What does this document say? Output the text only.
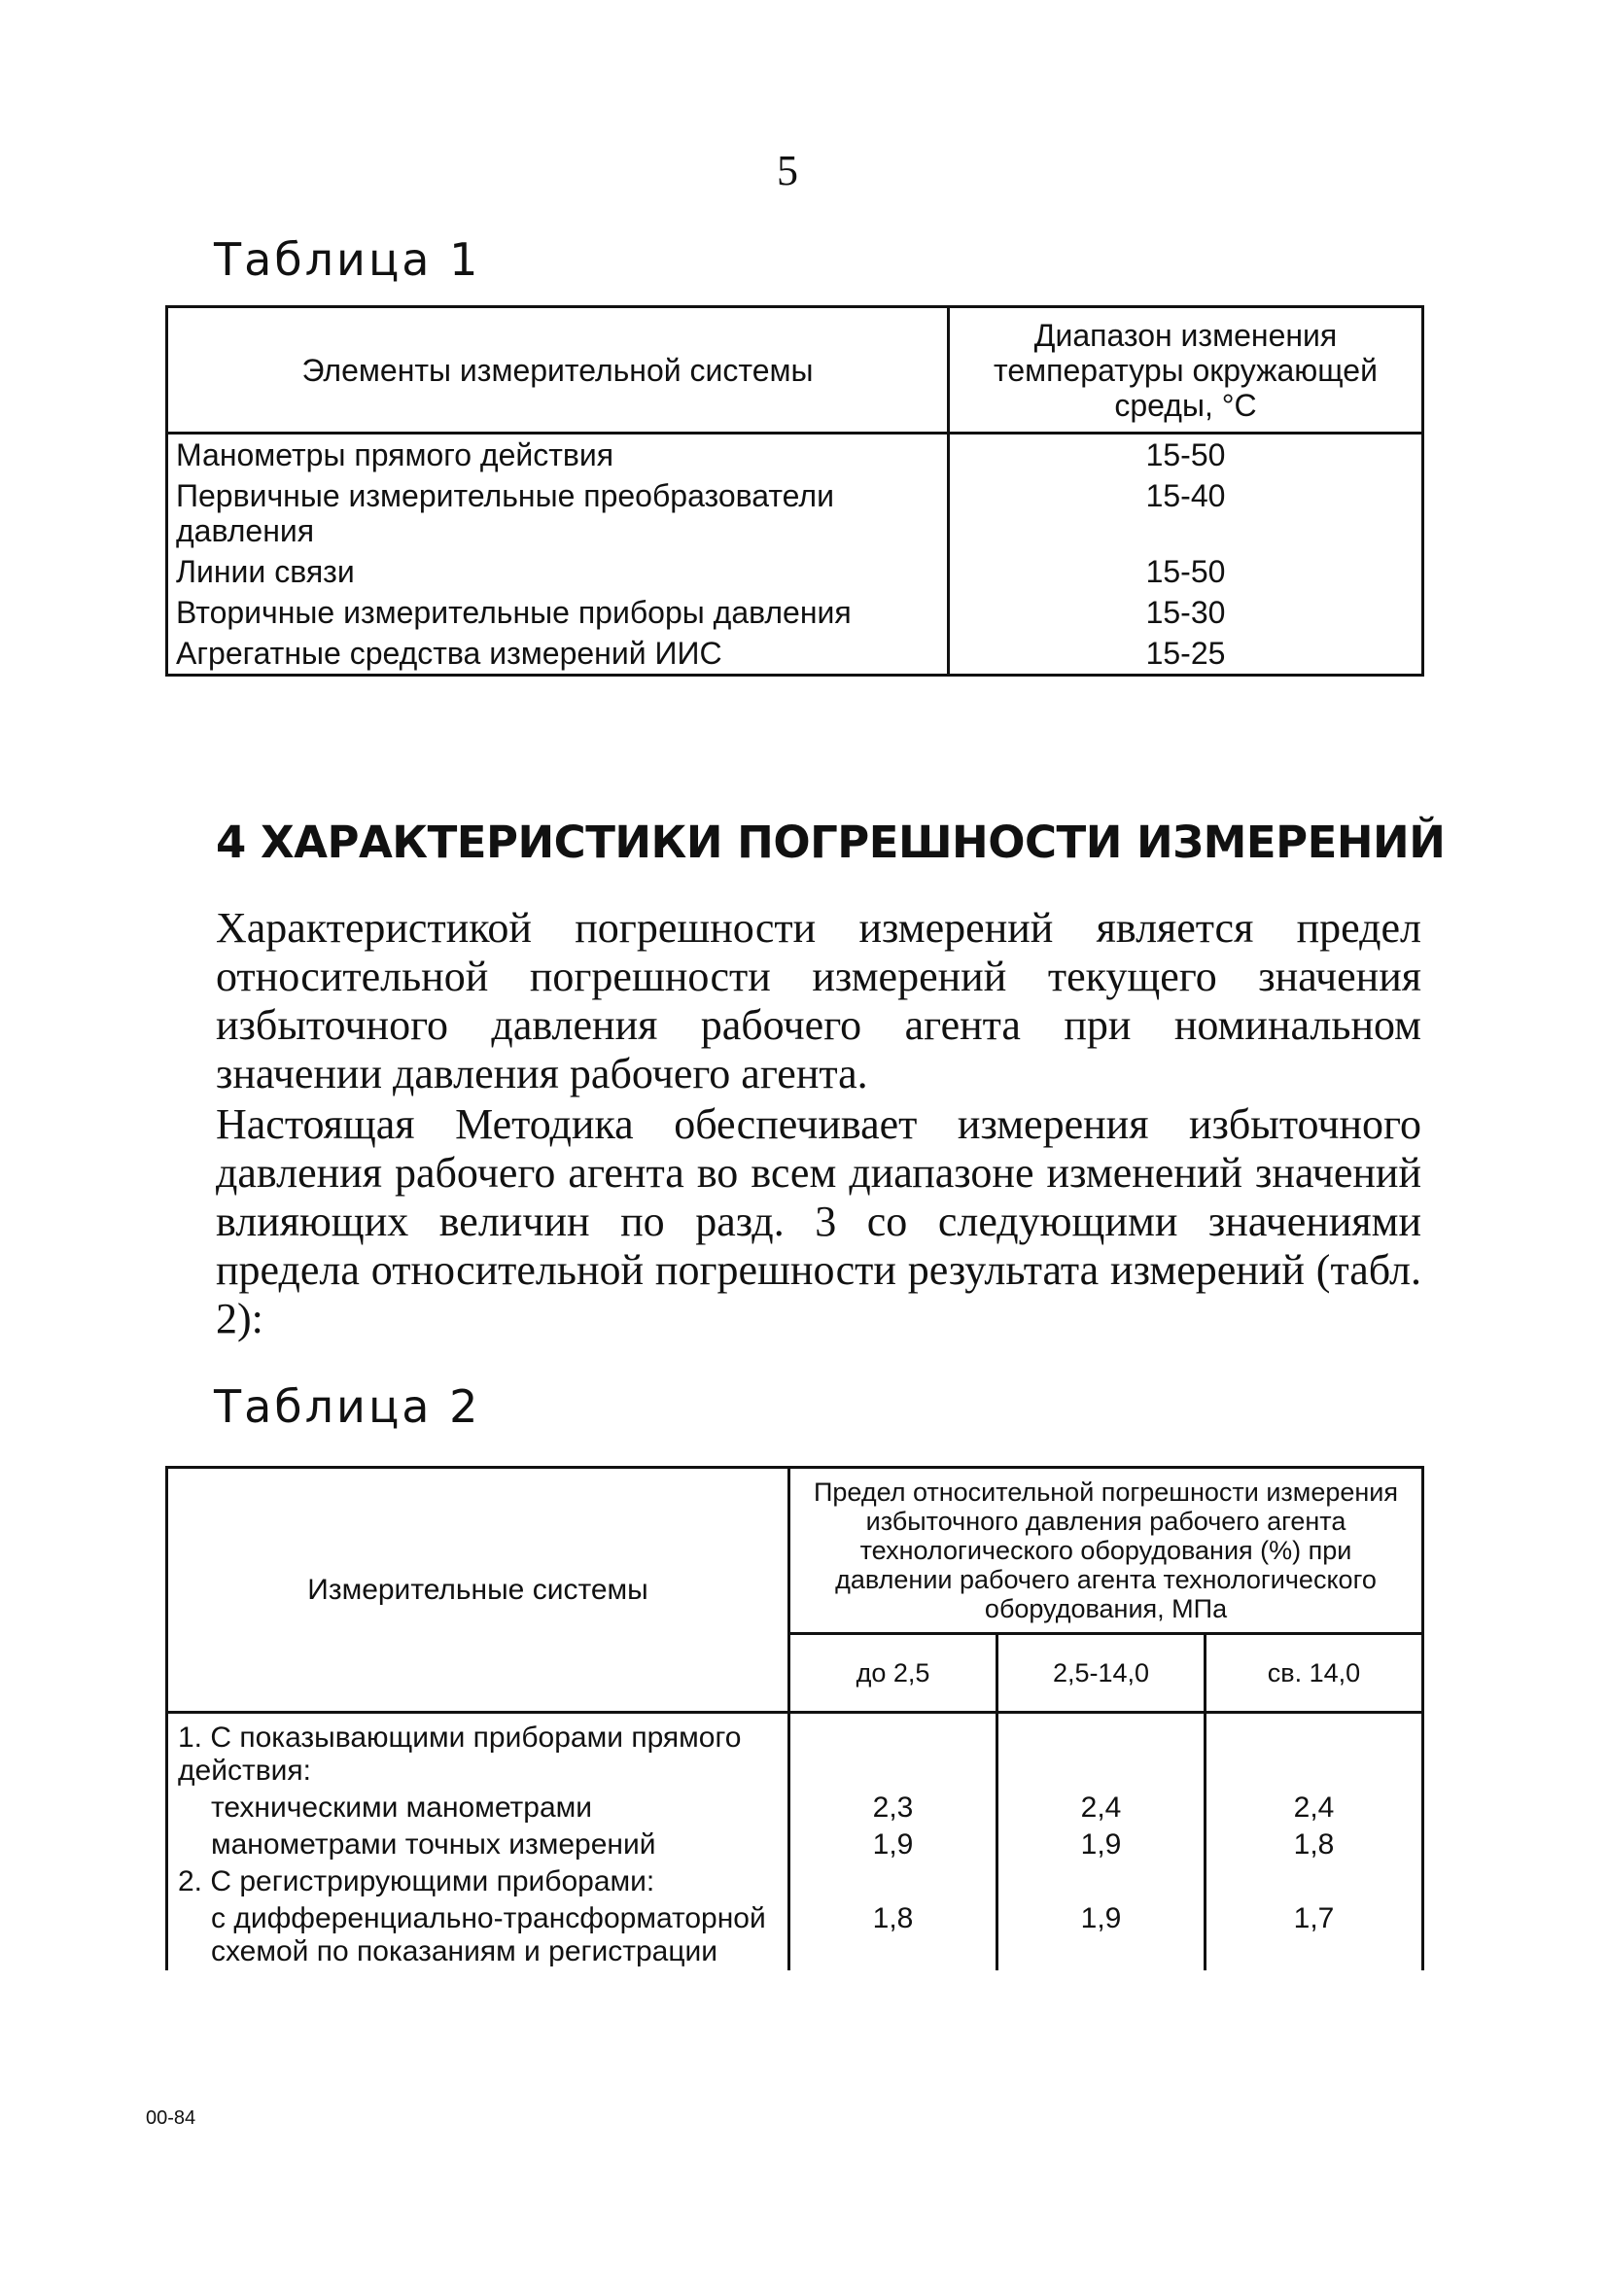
5
Таблица 1
Элементы измерительной системы	Диапазон изменения температуры окружающей среды, °С
Манометры прямого действия	15-50
Первичные измерительные преобразователи давления	15-40
Линии связи	15-50
Вторичные измерительные приборы давления	15-30
Агрегатные средства измерений ИИС	15-25
4 ХАРАКТЕРИСТИКИ ПОГРЕШНОСТИ ИЗМЕРЕНИЙ
Характеристикой погрешности измерений является предел относительной погрешности измерений текущего значения избыточного давления рабочего агента при номинальном значении давления рабочего агента.
Настоящая Методика обеспечивает измерения избыточного давления рабочего агента во всем диапазоне изменений значений влияющих величин по разд. 3 со следующими значениями предела относительной погрешности результата измерений (табл. 2):
Таблица 2
Измерительные системы	Предел относительной погрешности измерения избыточного давления рабочего агента технологического оборудования (%) при давлении рабочего агента технологического оборудования, МПа		
	до 2,5	2,5-14,0	св. 14,0
1. С показывающими приборами прямого действия:			
техническими манометрами	2,3	2,4	2,4
манометрами точных измерений	1,9	1,9	1,8
2. С регистрирующими приборами:			
с дифференциально-трансформаторной схемой по показаниям и регистрации	1,8	1,9	1,7
00-84
